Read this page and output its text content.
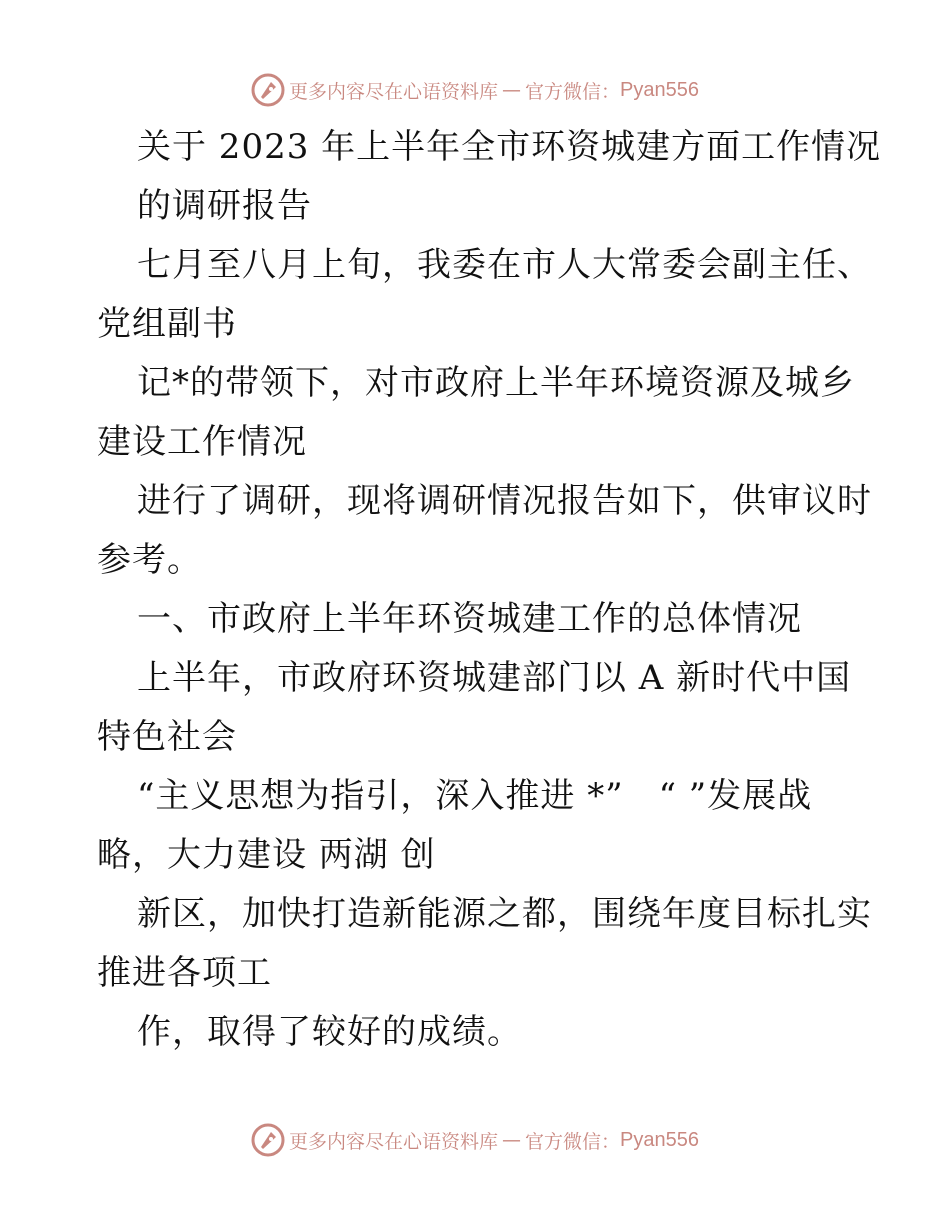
更多内容尽在心语资料库 — 官方微信： Pyan556
关于 2023 年上半年全市环资城建方面工作情况
的调研报告
七月至八月上旬，我委在市人大常委会副主任、
党组副书
记*的带领下，对市政府上半年环境资源及城乡
建设工作情况
进行了调研，现将调研情况报告如下，供审议时
参考。
一、市政府上半年环资城建工作的总体情况
上半年，市政府环资城建部门以 A 新时代中国
特色社会
“主义思想为指引，深入推进 *”　“ ”发展战
略，大力建设 两湖 创
新区，加快打造新能源之都，围绕年度目标扎实
推进各项工
作，取得了较好的成绩。
更多内容尽在心语资料库 — 官方微信： Pyan556
